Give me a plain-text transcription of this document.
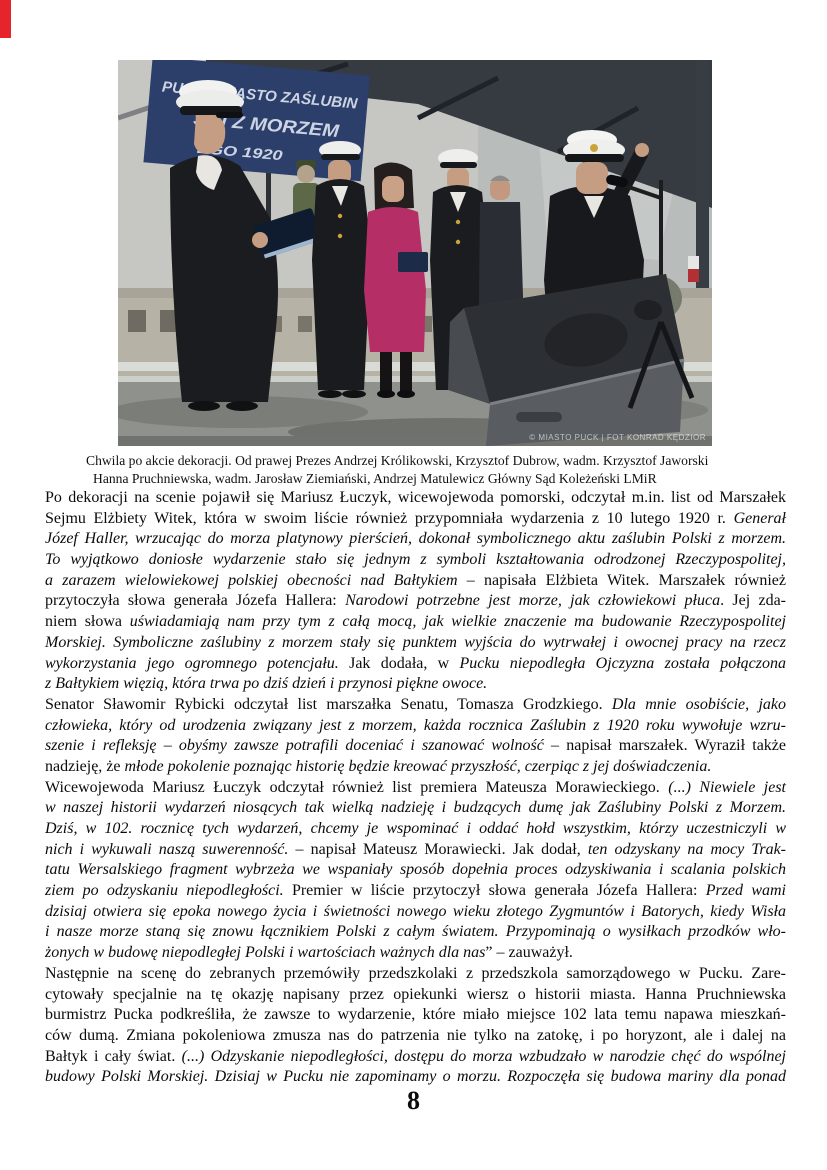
PUCK - MIASTO ZAŚLUBIN
SKI Z MORZEM
EGO 1920
© MIASTO PUCK | FOT KONRAD KĘDZIOR
Chwila po akcie dekoracji. Od prawej Prezes Andrzej Królikowski, Krzysztof Dubrow, wadm. Krzysztof Jaworski
Hanna Pruchniewska, wadm. Jarosław Ziemiański, Andrzej Matulewicz Główny Sąd Koleżeński LMiR
Po dekoracji na scenie pojawił się Mariusz Łuczyk, wicewojewoda pomorski, odczytał m.in. list od Marszałek
Sejmu Elżbiety Witek, która w swoim liście również przypomniała wydarzenia z 10 lutego 1920 r. Generał
Józef Haller, wrzucając do morza platynowy pierścień, dokonał symbolicznego aktu zaślubin Polski z morzem.
To wyjątkowo doniosłe wydarzenie stało się jednym z symboli kształtowania odrodzonej Rzeczypospolitej,
a zarazem wielowiekowej polskiej obecności nad Bałtykiem – napisała Elżbieta Witek. Marszałek również
przytoczyła słowa generała Józefa Hallera: Narodowi potrzebne jest morze, jak człowiekowi płuca. Jej zda-
niem słowa uświadamiają nam przy tym z całą mocą, jak wielkie znaczenie ma budowanie Rzeczypospolitej
Morskiej. Symboliczne zaślubiny z morzem stały się punktem wyjścia do wytrwałej i owocnej pracy na rzecz
wykorzystania jego ogromnego potencjału. Jak dodała, w Pucku niepodległa Ojczyzna została połączona
z Bałtykiem więzią, która trwa po dziś dzień i przynosi piękne owoce.
Senator Sławomir Rybicki odczytał list marszałka Senatu, Tomasza Grodzkiego. Dla mnie osobiście, jako
człowieka, który od urodzenia związany jest z morzem, każda rocznica Zaślubin z 1920 roku wywołuje wzru-
szenie i refleksję – obyśmy zawsze potrafili doceniać i szanować wolność – napisał marszałek. Wyraził także
nadzieję, że młode pokolenie poznając historię będzie kreować przyszłość, czerpiąc z jej doświadczenia.
Wicewojewoda Mariusz Łuczyk odczytał również list premiera Mateusza Morawieckiego. (...) Niewiele jest
w naszej historii wydarzeń niosących tak wielką nadzieję i budzących dumę jak Zaślubiny Polski z Morzem.
Dziś, w 102. rocznicę tych wydarzeń, chcemy je wspominać i oddać hołd wszystkim, którzy uczestniczyli w
nich i wykuwali naszą suwerenność. – napisał Mateusz Morawiecki. Jak dodał, ten odzyskany na mocy Trak-
tatu Wersalskiego fragment wybrzeża we wspaniały sposób dopełnia proces odzyskiwania i scalania polskich
ziem po odzyskaniu niepodległości. Premier w liście przytoczył słowa generała Józefa Hallera: Przed wami
dzisiaj otwiera się epoka nowego życia i świetności nowego wieku złotego Zygmuntów i Batorych, kiedy Wisła
i nasze morze staną się znowu łącznikiem Polski z całym światem. Przypominają o wysiłkach przodków wło-
żonych w budowę niepodległej Polski i wartościach ważnych dla nas” – zauważył.
Następnie na scenę do zebranych przemówiły przedszkolaki z przedszkola samorządowego w Pucku. Zare-
cytowały specjalnie na tę okazję napisany przez opiekunki wiersz o historii miasta. Hanna Pruchniewska
burmistrz Pucka podkreśliła, że zawsze to wydarzenie, które miało miejsce 102 lata temu napawa mieszkań-
ców dumą. Zmiana pokoleniowa zmusza nas do patrzenia nie tylko na zatokę, i po horyzont, ale i dalej na
Bałtyk i cały świat. (...) Odzyskanie niepodległości, dostępu do morza wzbudzało w narodzie chęć do wspólnej
budowy Polski Morskiej. Dzisiaj w Pucku nie zapominamy o morzu. Rozpoczęła się budowa mariny dla ponad
8
